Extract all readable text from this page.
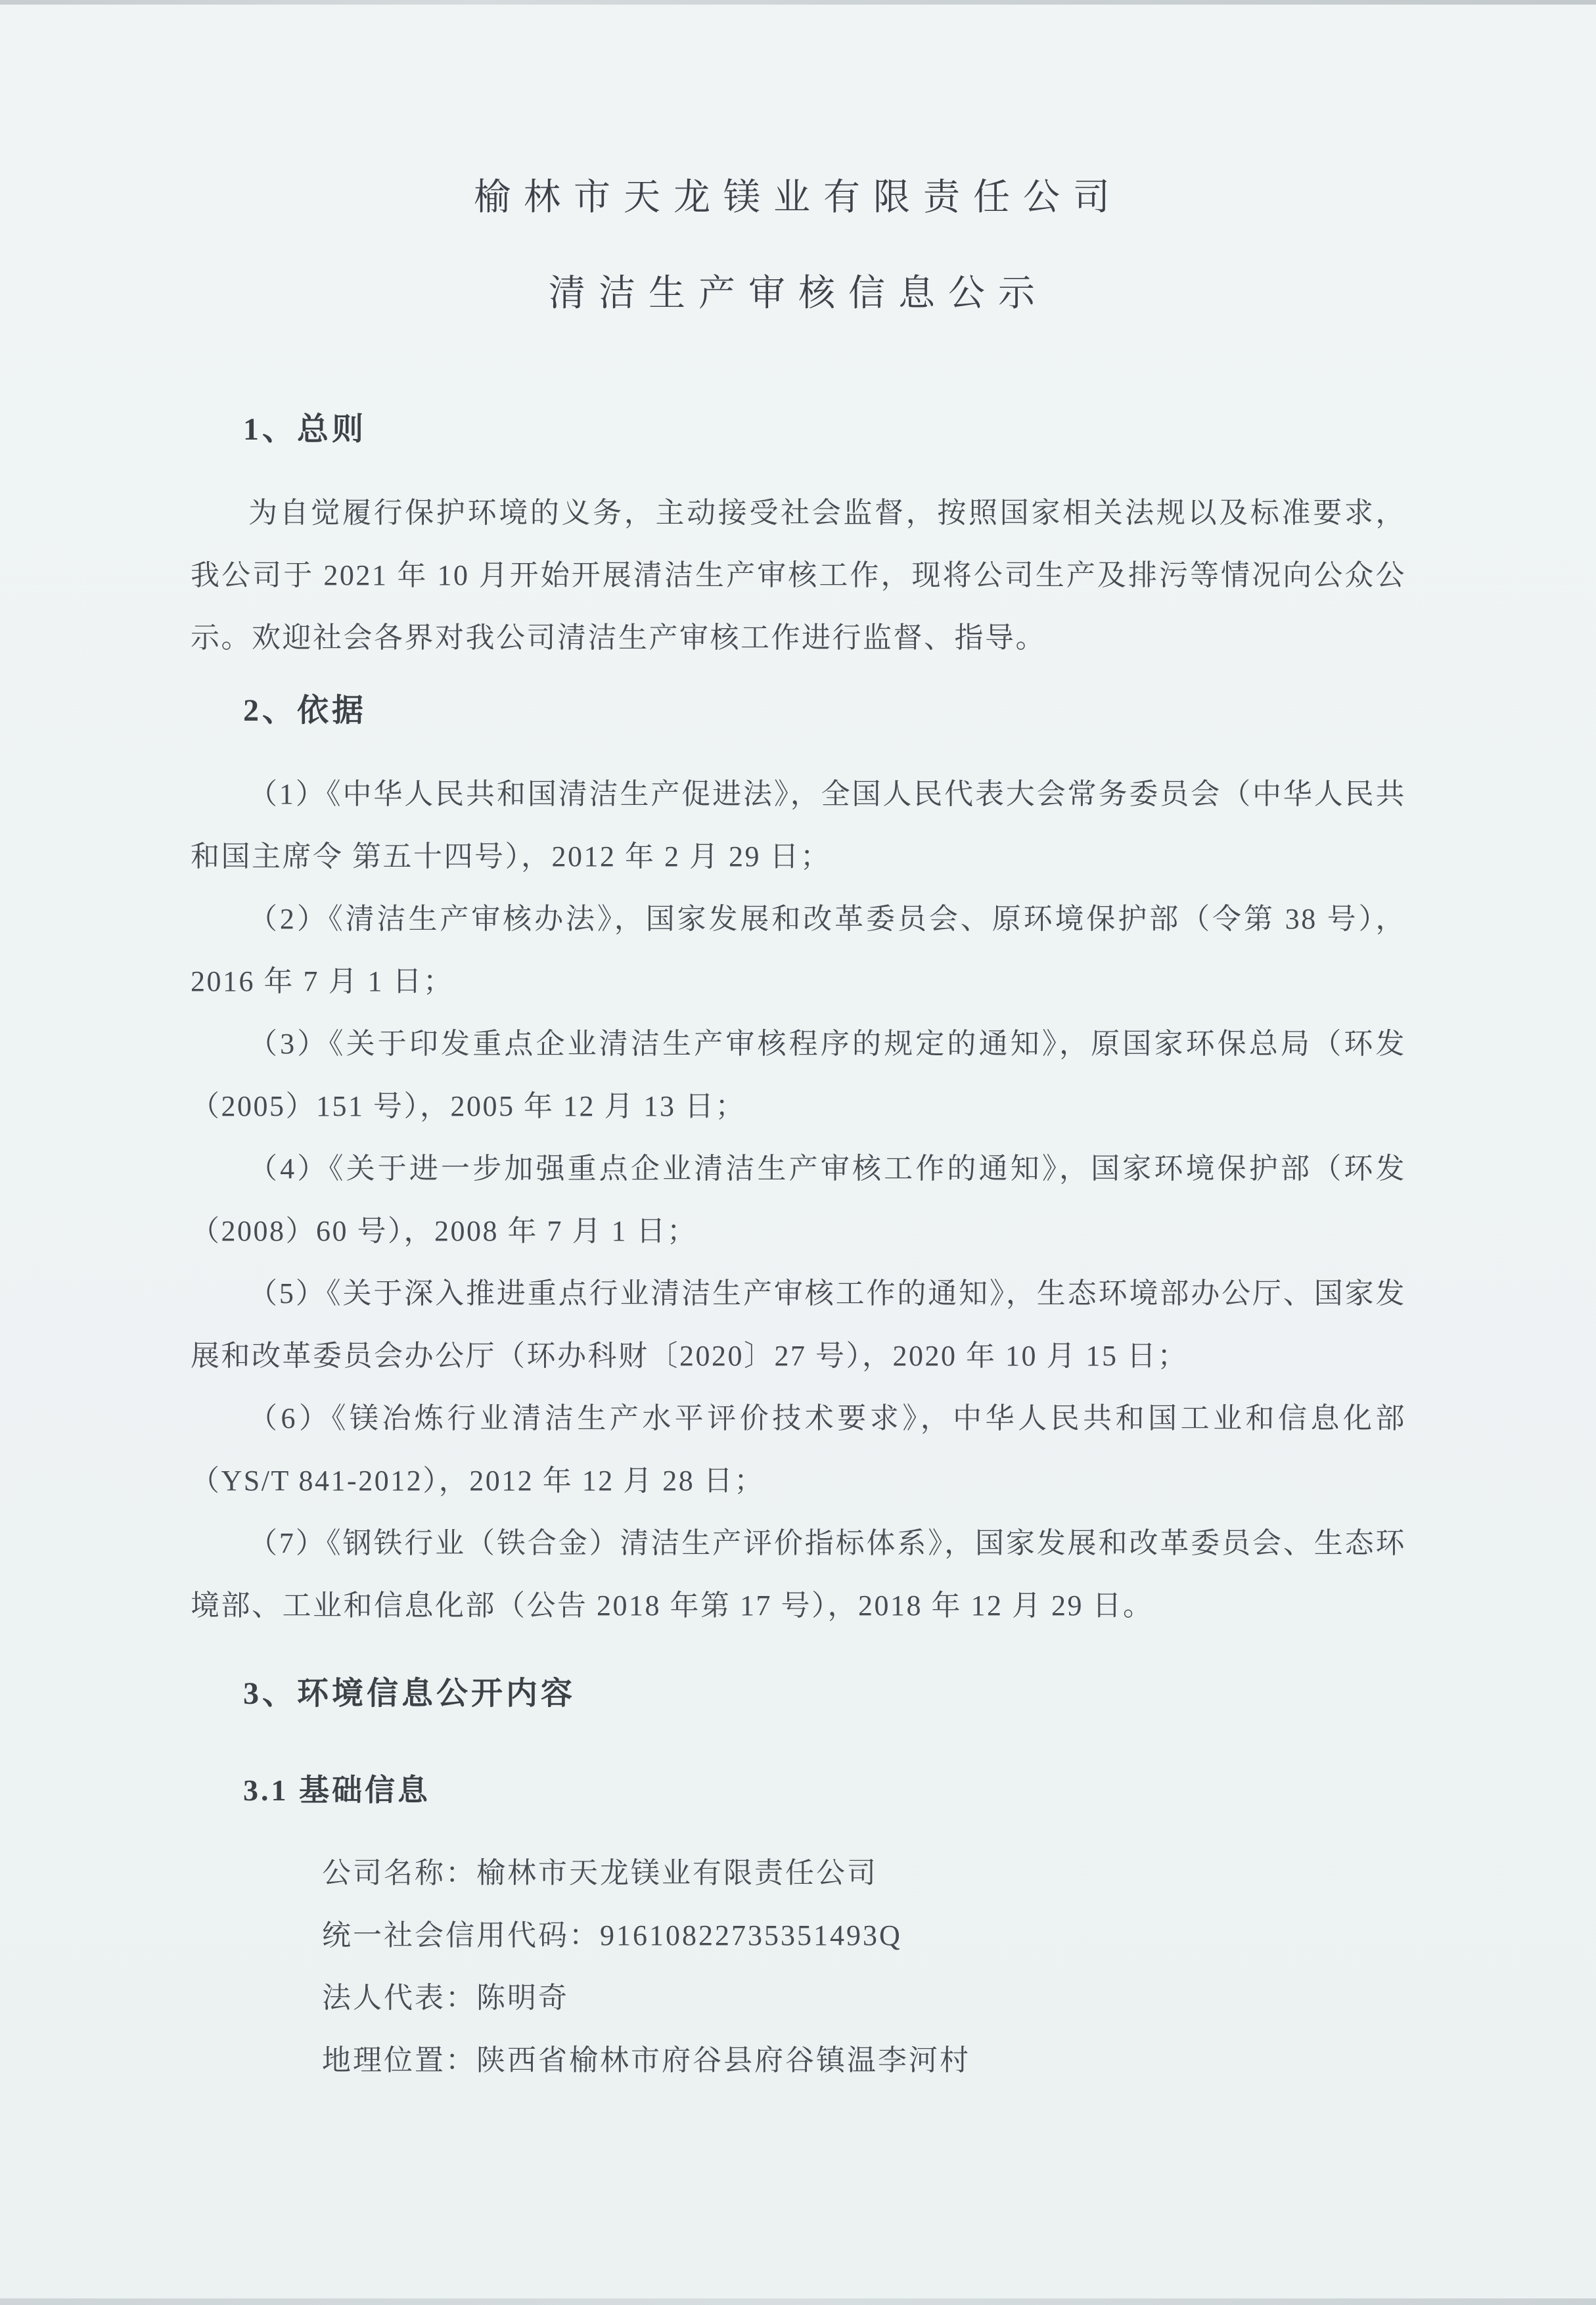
榆林市天龙镁业有限责任公司
清洁生产审核信息公示
1、总则

为自觉履行保护环境的义务，主动接受社会监督，按照国家相关法规以及标准要求，我公司于 2021 年 10 月开始开展清洁生产审核工作，现将公司生产及排污等情况向公众公示。欢迎社会各界对我公司清洁生产审核工作进行监督、指导。

2、依据

（1）《中华人民共和国清洁生产促进法》，全国人民代表大会常务委员会（中华人民共和国主席令 第五十四号），2012 年 2 月 29 日；

（2）《清洁生产审核办法》，国家发展和改革委员会、原环境保护部（令第 38 号），2016 年 7 月 1 日；

（3）《关于印发重点企业清洁生产审核程序的规定的通知》，原国家环保总局（环发（2005）151 号），2005 年 12 月 13 日；

（4）《关于进一步加强重点企业清洁生产审核工作的通知》，国家环境保护部（环发（2008）60 号），2008 年 7 月 1 日；

（5）《关于深入推进重点行业清洁生产审核工作的通知》，生态环境部办公厅、国家发展和改革委员会办公厅（环办科财〔2020〕27 号），2020 年 10 月 15 日；

（6）《镁冶炼行业清洁生产水平评价技术要求》，中华人民共和国工业和信息化部（YS/T 841-2012），2012 年 12 月 28 日；

（7）《钢铁行业（铁合金）清洁生产评价指标体系》，国家发展和改革委员会、生态环境部、工业和信息化部（公告 2018 年第 17 号），2018 年 12 月 29 日。

3、环境信息公开内容
3.1 基础信息

公司名称：榆林市天龙镁业有限责任公司

统一社会信用代码：91610822735351493Q

法人代表：陈明奇

地理位置：陕西省榆林市府谷县府谷镇温李河村
